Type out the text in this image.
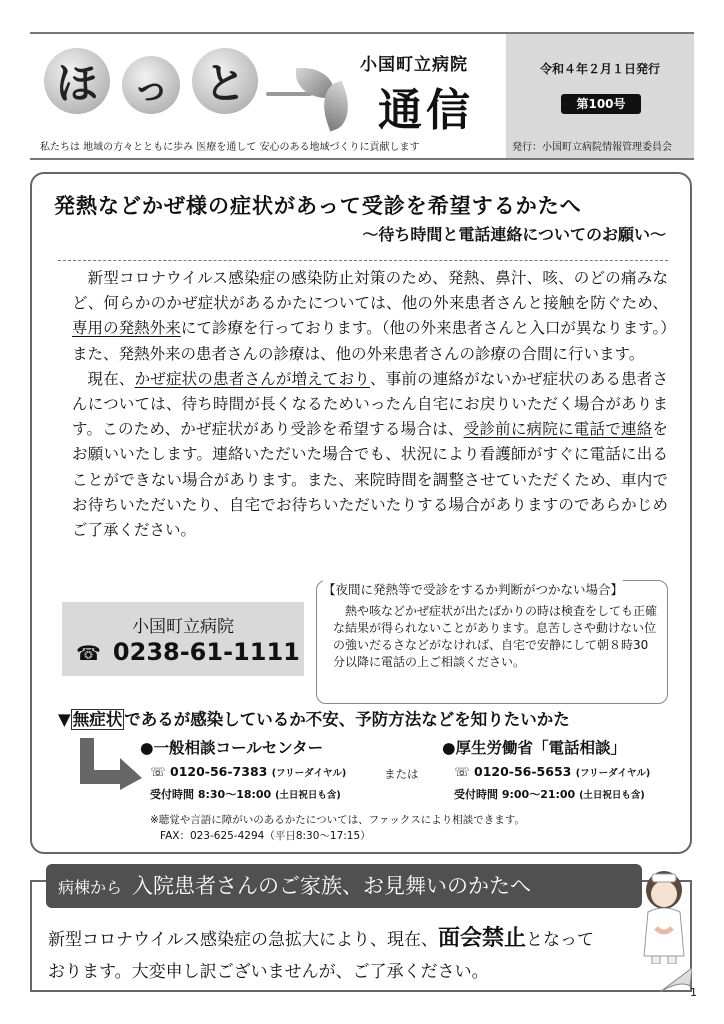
ほ っ と	小国町立病院
通信
私たちは 地域の方々とともに歩み 医療を通して 安心のある地域づくりに貢献します
令和４年２月１日発行
第100号
発行：小国町立病院情報管理委員会
発熱などかぜ様の症状があって受診を希望するかたへ
～待ち時間と電話連絡についてのお願い～

新型コロナウイルス感染症の感染防止対策のため、発熱、鼻汁、咳、のどの痛みなど、何らかのかぜ症状があるかたについては、他の外来患者さんと接触を防ぐため、専用の発熱外来にて診療を行っております。（他の外来患者さんと入口が異なります。）また、発熱外来の患者さんの診療は、他の外来患者さんの診療の合間に行います。

現在、かぜ症状の患者さんが増えており、事前の連絡がないかぜ症状のある患者さんについては、待ち時間が長くなるためいったん自宅にお戻りいただく場合があります。このため、かぜ症状があり受診を希望する場合は、受診前に病院に電話で連絡をお願いいたします。連絡いただいた場合でも、状況により看護師がすぐに電話に出ることができない場合があります。また、来院時間を調整させていただくため、車内でお待ちいただいたり、自宅でお待ちいただいたりする場合がありますのであらかじめご了承ください。

小国町立病院
☎ 0238-61-1111
【夜間に発熱等で受診をするか判断がつかない場合】

熱や咳などかぜ症状が出たばかりの時は検査をしても正確な結果が得られないことがあります。息苦しさや動けない位の強いだるさなどがなければ、自宅で安静にして朝８時30分以降に電話の上ご相談ください。

▼ 無症状 であるが感染しているか不安、予防方法などを知りたいかた
●一般相談コールセンター
☏ 0120-56-7383 (フリーダイヤル)
受付時間 8:30～18:00 (土日祝日も含)
または
●厚生労働省「電話相談」
☏ 0120-56-5653 (フリーダイヤル)
受付時間 9:00～21:00 (土日祝日も含)
※聴覚や言語に障がいのあるかたについては、ファックスにより相談できます。
FAX：023-625-4294（平日8:30～17:15）
病棟から 入院患者さんのご家族、お見舞いのかたへ
新型コロナウイルス感染症の急拡大により、現在、面会禁止となっております。大変申し訳ございませんが、ご了承ください。
1
